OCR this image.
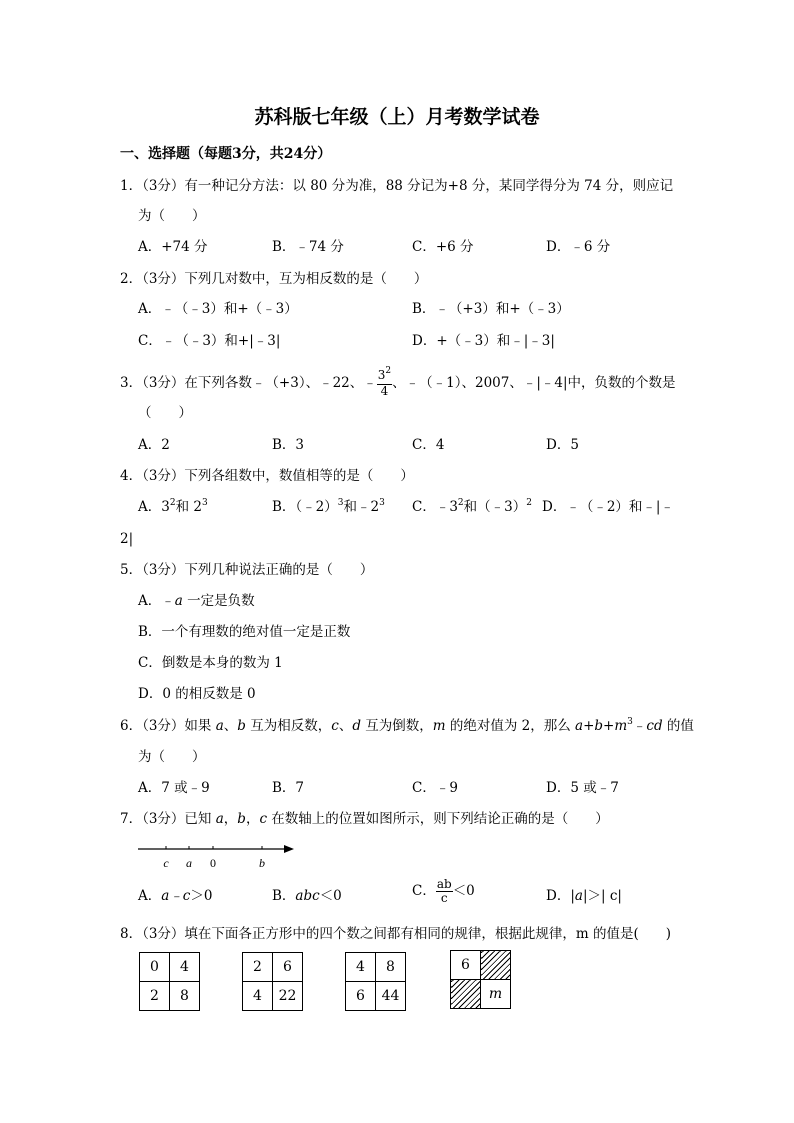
苏科版七年级（上）月考数学试卷
一、选择题（每题3分，共24分）
1．（3分）有一种记分方法：以 80 分为准，88 分记为+8 分，某同学得分为 74 分，则应记
为（　　）
A．+74 分	B．﹣74 分	C．+6 分	D．﹣6 分
2．（3分）下列几对数中，互为相反数的是（　　）
A．﹣（﹣3）和+（﹣3）	B．﹣（+3）和+（﹣3）
C．﹣（﹣3）和+|﹣3|	D．+（﹣3）和﹣|﹣3|
3．（3分）在下列各数﹣（+3）、﹣22、﹣ $\frac{3^2}{4}$ 、﹣（﹣1）、2007、﹣|﹣4|中，负数的个数是
（　　）
A．2	B．3	C．4	D．5
4．（3分）下列各组数中，数值相等的是（　　）
A．$3^2$和 $2^3$	B．（﹣2）$^3$和$﹣2^3$ C．$﹣3^2$和（﹣3）$^2$ D．﹣（﹣2）和﹣|﹣
2|
5．（3分）下列几种说法正确的是（　　）
A．﹣a 一定是负数
B．一个有理数的绝对值一定是正数
C．倒数是本身的数为 1
D．0 的相反数是 0
6．（3分）如果 a、b 互为相反数，c、d 互为倒数，m 的绝对值为 2，那么 $a+b+m^3﹣cd$ 的值
为（　　）
A．7 或﹣9	B．7	C．﹣9	D．5 或﹣7
7．（3分）已知 a，b，c 在数轴上的位置如图所示，则下列结论正确的是（　　）
c a 0	b
A．a﹣c＞0	B．abc＜0	C． $\frac{ab}{c} <0$	D．|a|＞| c|
8．（3分）填在下面各正方形中的四个数之间都有相同的规律，根据此规律，m 的值是(　　)
0	4
2	8
2	6
4	22
4	8
6	44
6	
	m
